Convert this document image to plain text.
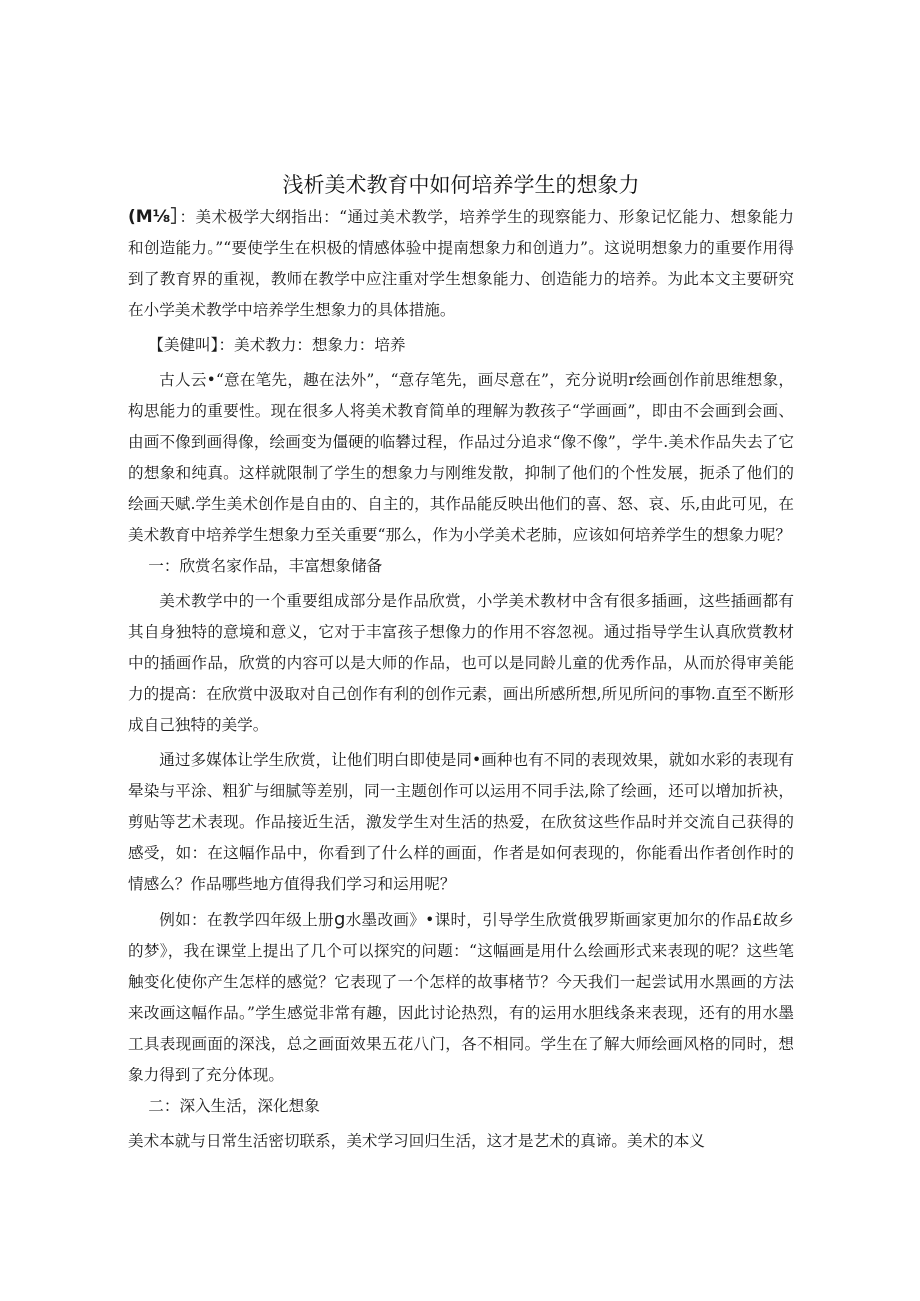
浅析美术教育中如何培养学生的想象力

(M⅛］：美术极学大纲指出：“通过美术教学，培养学生的现察能力、形象记忆能力、想象能力和创造能力。”“要使学生在枳极的情感体验中提南想象力和创逍力”。这说明想象力的重要作用得到了教育界的重视，教师在教学中应注重对学生想象能力、创造能力的培养。为此本文主要研究在小学美术教学中培养学生想象力的具体措施。

【美健叫】：美术教力：想象力：培养

古人云•“意在笔先，趣在法外”，“意存笔先，画尽意在”，充分说明r绘画创作前思维想象，构思能力的重要性。现在很多人将美术教育简单的理解为教孩子“学画画”，即由不会画到会画、由画不像到画得像，绘画变为僵硬的临礬过程，作品过分追求“像不像”，学牛.美术作品失去了它的想象和纯真。这样就限制了学生的想象力与刚维发散，抑制了他们的个性发展，扼杀了他们的绘画天赋.学生美术创作是自由的、自主的，其作品能反映出他们的喜、怒、哀、乐,由此可见，在美术教育中培养学生想象力至关重要“那么，作为小学美术老肺，应该如何培养学生的想象力呢？

一：欣赏名家作品，丰富想象储备

美术教学中的一个重要组成部分是作品欣赏，小学美术教材中含有很多插画，这些插画都有其自身独特的意境和意义，它对于丰富孩子想像力的作用不容忽视。通过指导学生认真欣赏教材中的插画作品，欣赏的内容可以是大师的作品，也可以是同龄儿童的优秀作品，从而於得审美能力的提高：在欣赏中汲取对自己创作有利的创作元素，画出所感所想,所见所问的事物.直至不断形成自己独特的美学。

通过多媒体让学生欣赏，让他们明白即使是同•画种也有不同的表现效果，就如水彩的表现有晕染与平涂、粗犷与细腻等差别，同一主题创作可以运用不同手法,除了绘画，还可以增加折袂，剪贴等艺术表现。作品接近生活，激发学生对生活的热爱，在欣贫这些作品时并交流自己获得的感受，如：在这幅作品中，你看到了什么样的画面，作者是如何表现的，你能看出作者创作时的情感么？作品哪些地方值得我们学习和运用呢？

例如：在教学四年级上册g水墨改画》•课时，引导学生欣赏俄罗斯画家更加尔的作品£故乡的梦》，我在课堂上提出了几个可以探究的问题：“这幅画是用什么绘画形式来表现的呢？这些笔触变化使你产生怎样的感觉？它表现了一个怎样的故事楮节？今天我们一起尝试用水黑画的方法来改画这幅作品。”学生感觉非常有趣，因此讨论热烈，有的运用水胆线条来表现，还有的用水墨工具表现画面的深浅，总之画面效果五花八门，各不相同。学生在了解大师绘画风格的同时，想象力得到了充分体现。

二：深入生活，深化想象

美术本就与日常生活密切联系，美术学习回归生活，这才是艺术的真谛。美术的本义
